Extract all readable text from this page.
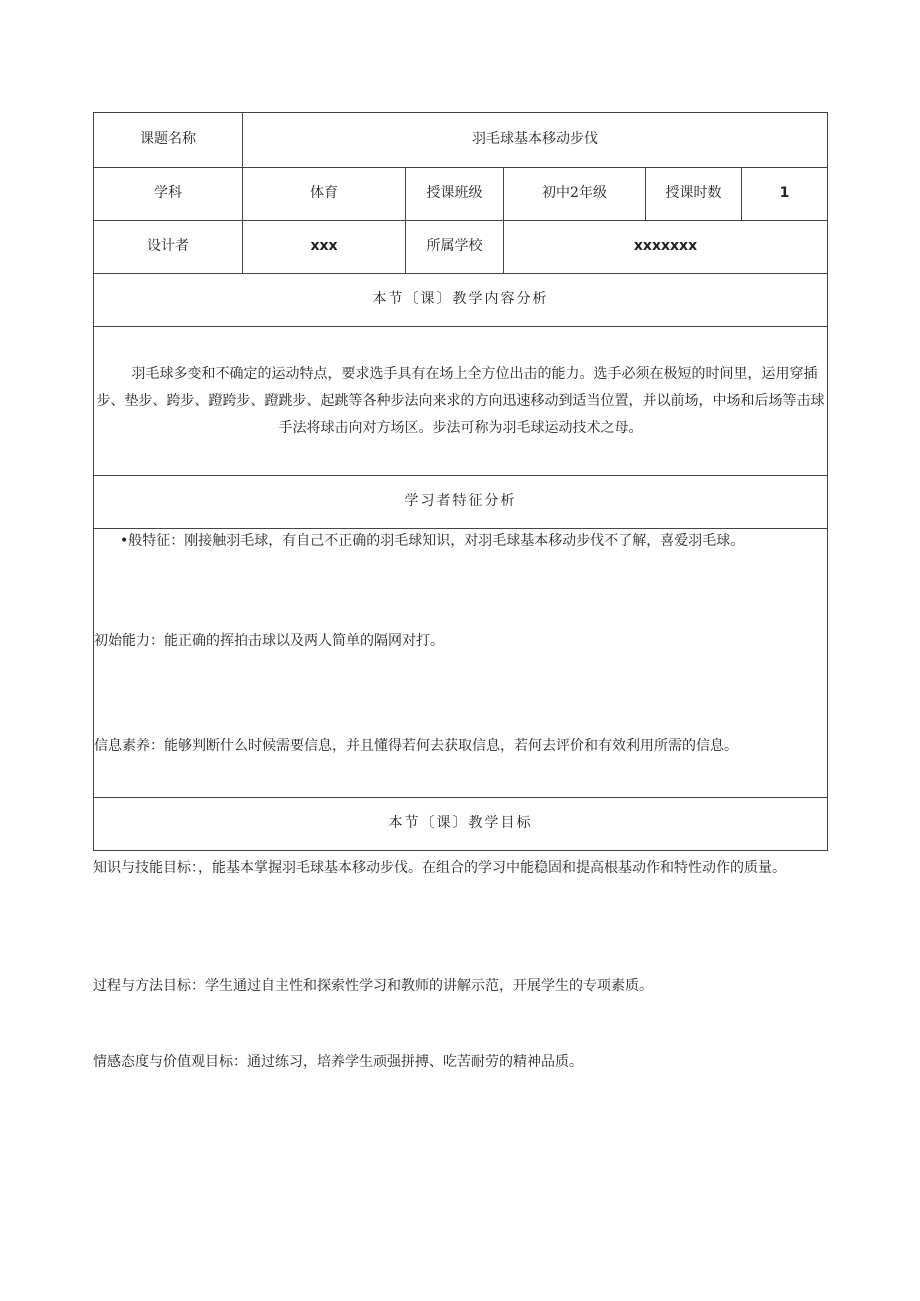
课题名称	羽毛球基本移动步伐				
学科	体育	授课班级	初中2年级	授课时数	1
设计者	xxx	所属学校	xxxxxxx		
本节〔课〕教学内容分析					

羽毛球多变和不确定的运动特点，要求选手具有在场上全方位出击的能力。选手必须在极短的时间里，运用穿插步、垫步、跨步、蹬跨步、蹬跳步、起跳等各种步法向来求的方向迅速移动到适当位置，并以前场，中场和后场等击球手法将球击向对方场区。步法可称为羽毛球运动技术之母。					

学习者特征分析					

•般特征：刚接触羽毛球，有自己不正确的羽毛球知识，对羽毛球基本移动步伐不了解，喜爱羽毛球。
初始能力：能正确的挥拍击球以及两人简单的隔网对打。
信息素养：能够判断什么时候需要信息，并且懂得若何去获取信息，若何去评价和有效利用所需的信息。					

本节〔课〕教学目标					

知识与技能目标：，能基本掌握羽毛球基本移动步伐。在组合的学习中能稳固和提高根基动作和特性动作的质量。

过程与方法目标：学生通过自主性和探索性学习和教师的讲解示范，开展学生的专项素质。

情感态度与价值观目标：通过练习，培养学生顽强拼搏、吃苦耐劳的精神品质。
